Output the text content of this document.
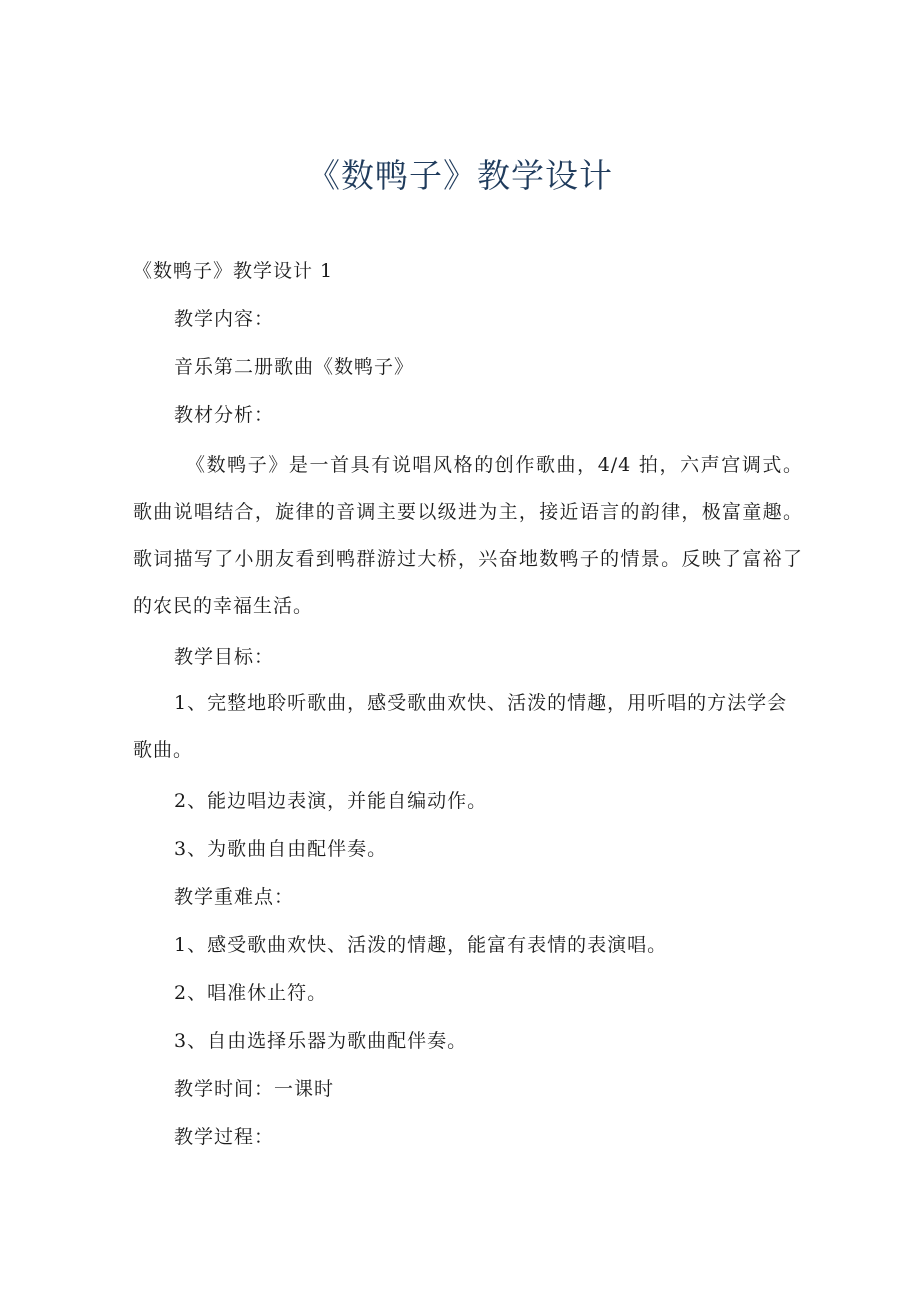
《数鸭子》教学设计
《数鸭子》教学设计 1
教学内容：
音乐第二册歌曲《数鸭子》
教材分析：
《数鸭子》是一首具有说唱风格的创作歌曲，4/4 拍，六声宫调式。歌曲说唱结合，旋律的音调主要以级进为主，接近语言的韵律，极富童趣。歌词描写了小朋友看到鸭群游过大桥，兴奋地数鸭子的情景。反映了富裕了的农民的幸福生活。
教学目标：
1、完整地聆听歌曲，感受歌曲欢快、活泼的情趣，用听唱的方法学会歌曲。
2、能边唱边表演，并能自编动作。
3、为歌曲自由配伴奏。
教学重难点：
1、感受歌曲欢快、活泼的情趣，能富有表情的表演唱。
2、唱准休止符。
3、自由选择乐器为歌曲配伴奏。
教学时间：一课时
教学过程：
